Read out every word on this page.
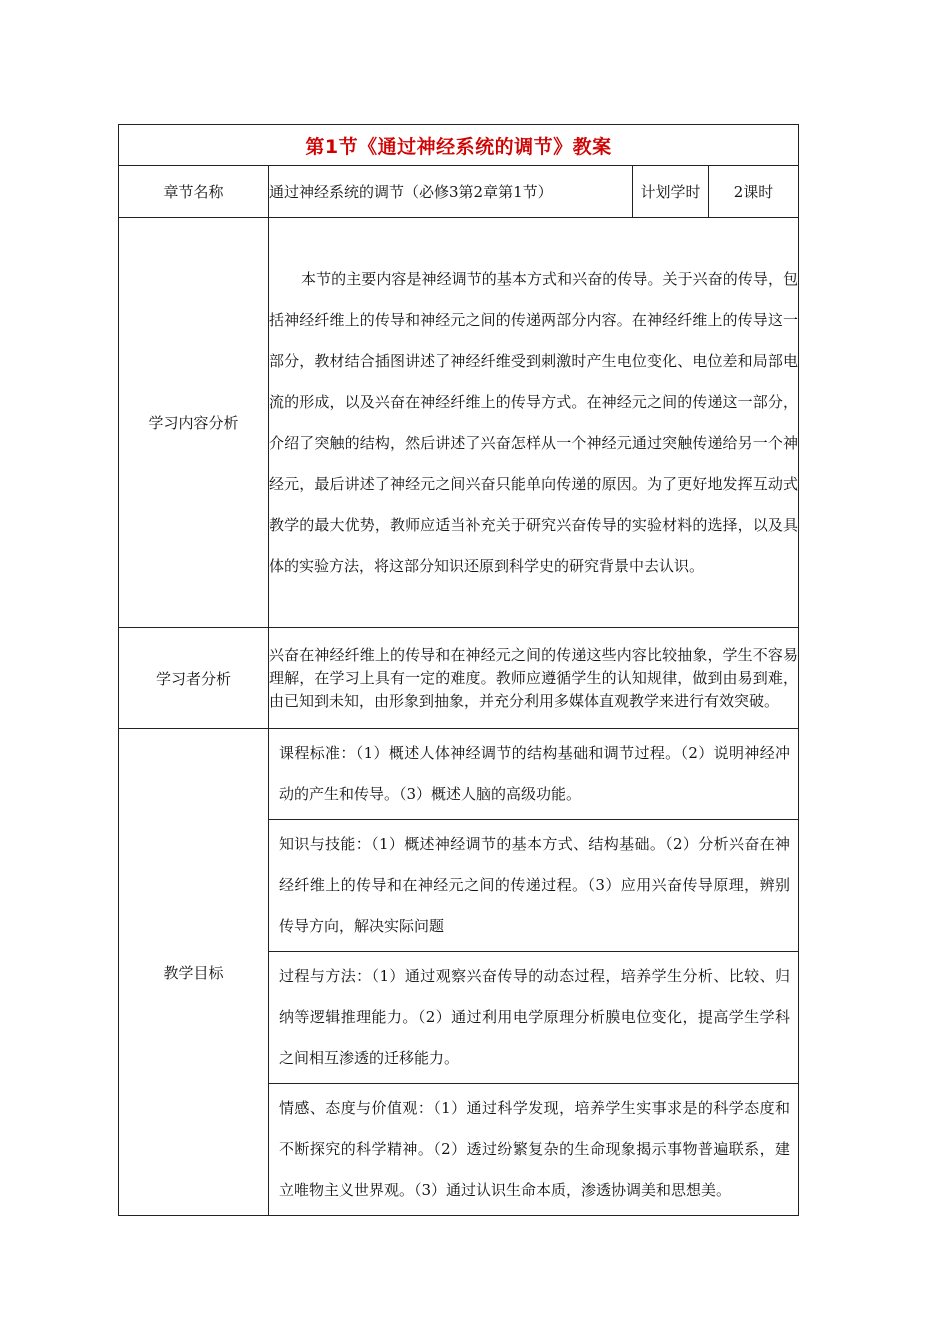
第1节《通过神经系统的调节》教案			
章节名称	通过神经系统的调节（必修3第2章第1节）	计划学时	2课时
学习内容分析	本节的主要内容是神经调节的基本方式和兴奋的传导。关于兴奋的传导，包括神经纤维上的传导和神经元之间的传递两部分内容。在神经纤维上的传导这一部分，教材结合插图讲述了神经纤维受到刺激时产生电位变化、电位差和局部电流的形成，以及兴奋在神经纤维上的传导方式。在神经元之间的传递这一部分，介绍了突触的结构，然后讲述了兴奋怎样从一个神经元通过突触传递给另一个神经元，最后讲述了神经元之间兴奋只能单向传递的原因。为了更好地发挥互动式教学的最大优势，教师应适当补充关于研究兴奋传导的实验材料的选择，以及具体的实验方法，将这部分知识还原到科学史的研究背景中去认识。		
学习者分析	兴奋在神经纤维上的传导和在神经元之间的传递这些内容比较抽象，学生不容易理解，在学习上具有一定的难度。教师应遵循学生的认知规律，做到由易到难，由已知到未知，由形象到抽象，并充分利用多媒体直观教学来进行有效突破。		
教学目标	课程标准：（1）概述人体神经调节的结构基础和调节过程。（2）说明神经冲动的产生和传导。（3）概述人脑的高级功能。
知识与技能：（1）概述神经调节的基本方式、结构基础。（2）分析兴奋在神经纤维上的传导和在神经元之间的传递过程。（3）应用兴奋传导原理，辨别传导方向，解决实际问题
过程与方法：（1）通过观察兴奋传导的动态过程，培养学生分析、比较、归纳等逻辑推理能力。（2）通过利用电学原理分析膜电位变化，提高学生学科之间相互渗透的迁移能力。
情感、态度与价值观：（1）通过科学发现，培养学生实事求是的科学态度和不断探究的科学精神。（2）透过纷繁复杂的生命现象揭示事物普遍联系，建立唯物主义世界观。（3）通过认识生命本质，渗透协调美和思想美。		
